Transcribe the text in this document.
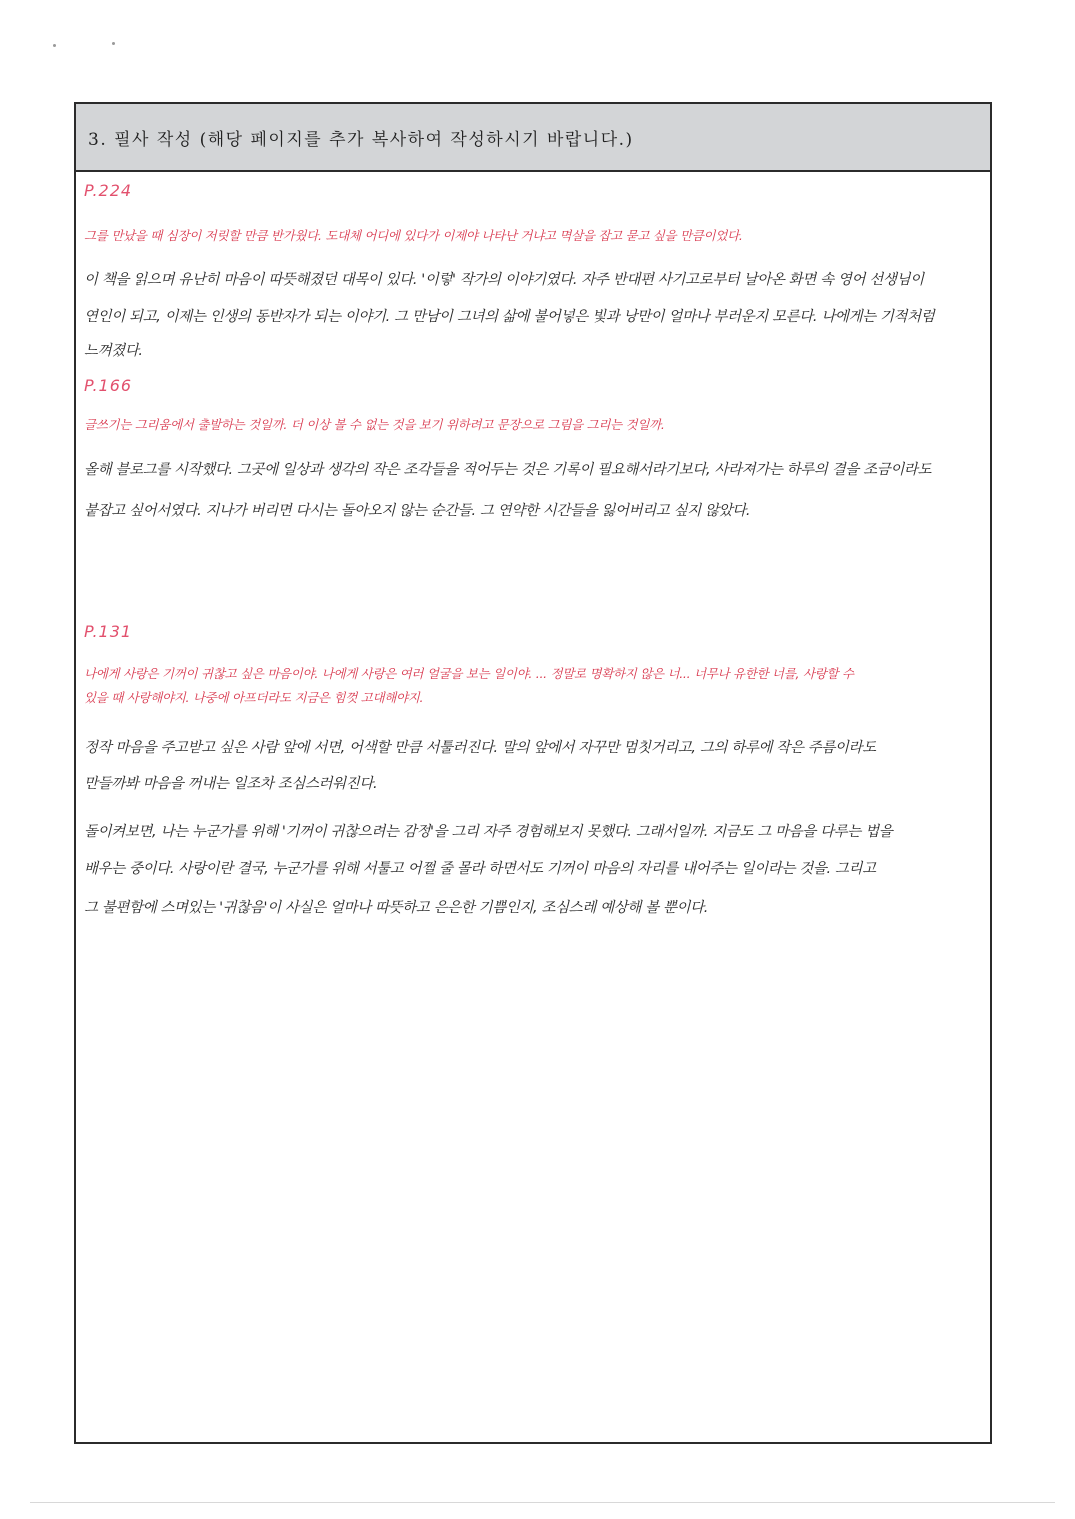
3. 필사 작성 (해당 페이지를 추가 복사하여 작성하시기 바랍니다.)
P.224
그를 만났을 때 심장이 저릿할 만큼 반가웠다. 도대체 어디에 있다가 이제야 나타난 거냐고 멱살을 잡고 묻고 싶을 만큼이었다.
이 책을 읽으며 유난히 마음이 따뜻해졌던 대목이 있다. '이렇' 작가의 이야기였다. 자주 반대편 사기고로부터 날아온 화면 속 영어 선생님이
연인이 되고, 이제는 인생의 동반자가 되는 이야기. 그 만남이 그녀의 삶에 불어넣은 빛과 낭만이 얼마나 부러운지 모른다. 나에게는 기적처럼
느껴졌다.
P.166
글쓰기는 그리움에서 출발하는 것일까. 더 이상 볼 수 없는 것을 보기 위하려고 문장으로 그림을 그리는 것일까.
올해 블로그를 시작했다. 그곳에 일상과 생각의 작은 조각들을 적어두는 것은 기록이 필요해서라기보다, 사라져가는 하루의 결을 조금이라도
붙잡고 싶어서였다. 지나가 버리면 다시는 돌아오지 않는 순간들. 그 연약한 시간들을 잃어버리고 싶지 않았다.
P.131
나에게 사랑은 기꺼이 귀찮고 싶은 마음이야. 나에게 사랑은 여러 얼굴을 보는 일이야. ... 정말로 명확하지 않은 너... 너무나 유한한 너를, 사랑할 수
있을 때 사랑해야지. 나중에 아프더라도 지금은 힘껏 고대해야지.
정작 마음을 주고받고 싶은 사람 앞에 서면, 어색할 만큼 서툴러진다. 말의 앞에서 자꾸만 멈칫거리고, 그의 하루에 작은 주름이라도
만들까봐 마음을 꺼내는 일조차 조심스러워진다.
돌이켜보면, 나는 누군가를 위해 '기꺼이 귀찮으려는 감정'을 그리 자주 경험해보지 못했다. 그래서일까. 지금도 그 마음을 다루는 법을
배우는 중이다. 사랑이란 결국, 누군가를 위해 서툴고 어쩔 줄 몰라 하면서도 기꺼이 마음의 자리를 내어주는 일이라는 것을. 그리고
그 불편함에 스며있는 '귀찮음'이 사실은 얼마나 따뜻하고 은은한 기쁨인지, 조심스레 예상해 볼 뿐이다.
